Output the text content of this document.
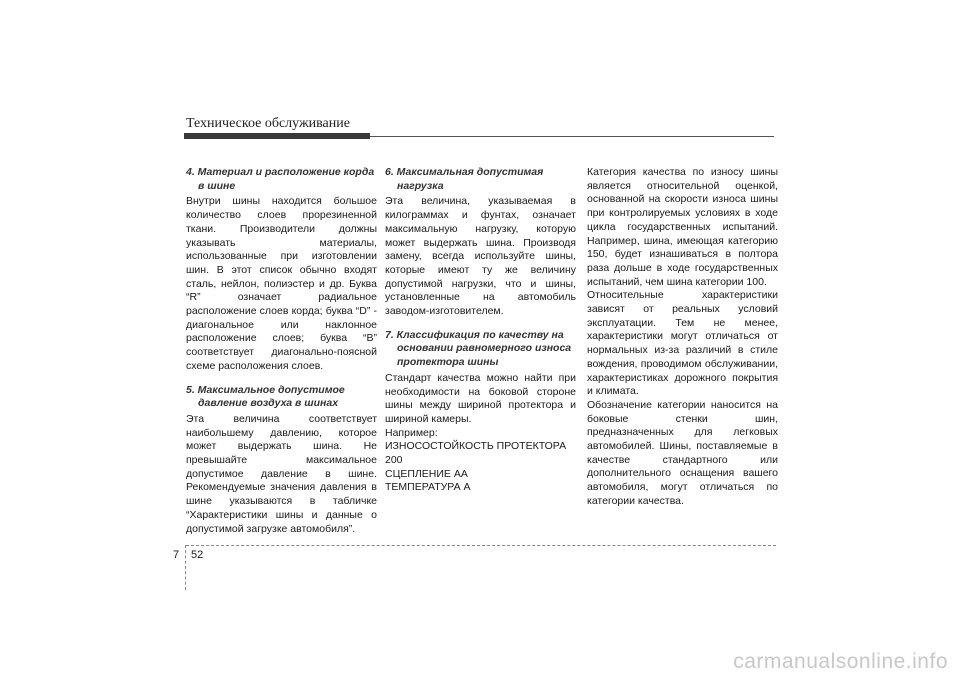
Техническое обслуживание
4. Материал и расположение корда в шине
Внутри шины находится большое количество слоев прорезиненной ткани. Производители должны указывать материалы, использованные при изготовлении шин. В этот список обычно входят сталь, нейлон, полиэстер и др. Буква “R” означает радиальное расположение слоев корда; буква “D” - диагональное или наклонное расположение слоев; буква “B” соответствует диагонально-поясной схеме расположения слоев.
5. Максимальное допустимое давление воздуха в шинах
Эта величина соответствует наибольшему давлению, которое может выдержать шина. Не превышайте максимальное допустимое давление в шине. Рекомендуемые значения давления в шине указываются в табличке “Характеристики шины и данные о допустимой загрузке автомобиля”.
6. Максимальная допустимая нагрузка
Эта величина, указываемая в килограммах и фунтах, означает максимальную нагрузку, которую может выдержать шина. Производя замену, всегда используйте шины, которые имеют ту же величину допустимой нагрузки, что и шины, установленные на автомобиль заводом-изготовителем.
7. Классификация по качеству на основании равномерного износа протектора шины
Стандарт качества можно найти при необходимости на боковой стороне шины между шириной протектора и шириной камеры.
Например:
ИЗНОСОСТОЙКОСТЬ ПРОТЕКТОРА
200
СЦЕПЛЕНИЕ АА
ТЕМПЕРАТУРА А
Категория качества по износу шины является относительной оценкой, основанной на скорости износа шины при контролируемых условиях в ходе цикла государственных испытаний. Например, шина, имеющая категорию 150, будет изнашиваться в полтора раза дольше в ходе государственных испытаний, чем шина категории 100.
Относительные характеристики зависят от реальных условий эксплуатации. Тем не менее, характеристики могут отличаться от нормальных из-за различий в стиле вождения, проводимом обслуживании, характеристиках дорожного покрытия и климата.
Обозначение категории наносится на боковые стенки шин, предназначенных для легковых автомобилей. Шины, поставляемые в качестве стандартного или дополнительного оснащения вашего автомобиля, могут отличаться по категории качества.
7 52
carmanualsonline.info
